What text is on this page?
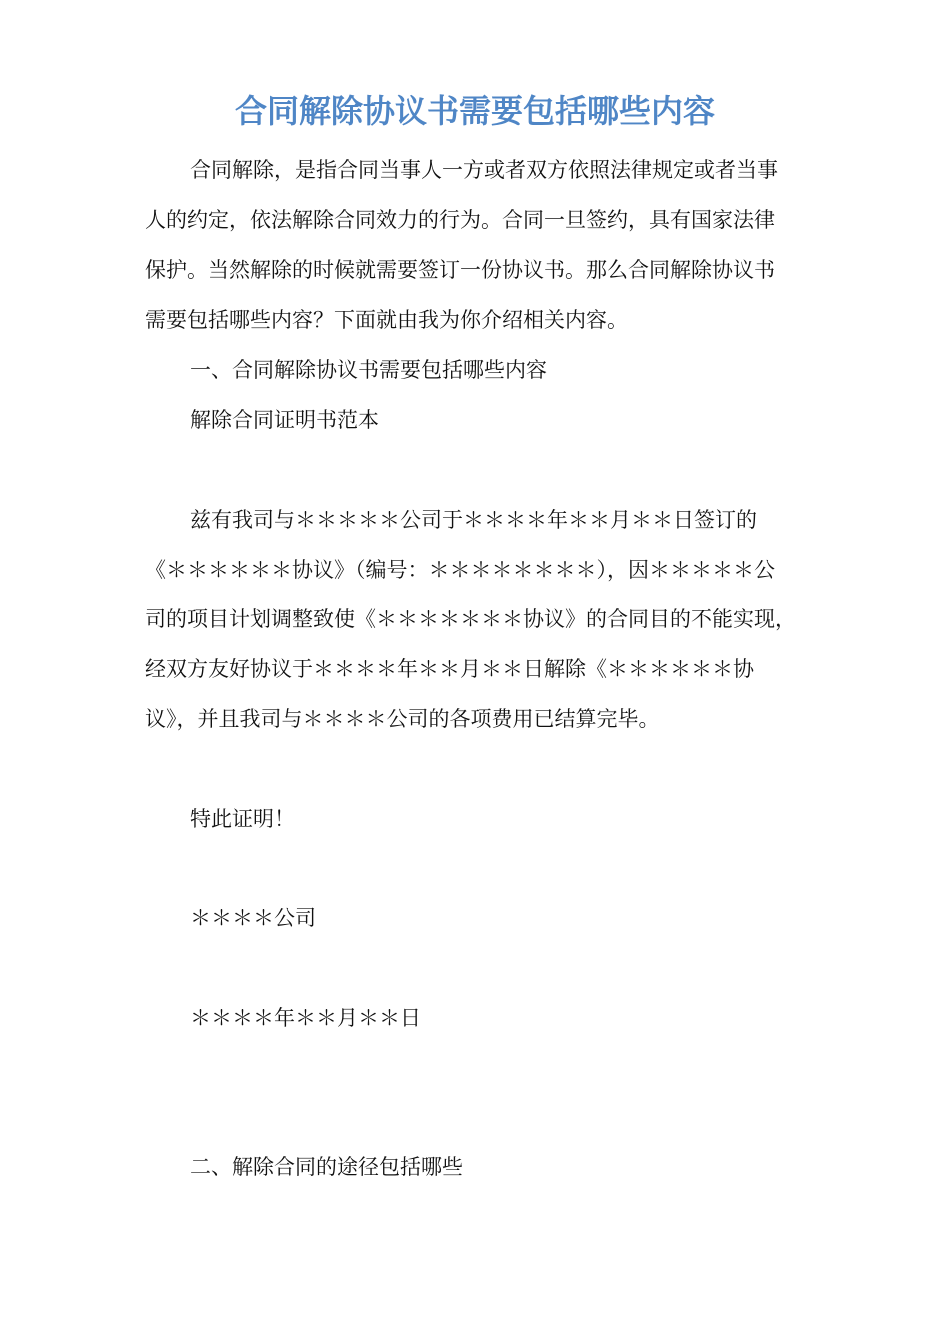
合同解除协议书需要包括哪些内容
合同解除，是指合同当事人一方或者双方依照法律规定或者当事
人的约定，依法解除合同效力的行为。合同一旦签约，具有国家法律
保护。当然解除的时候就需要签订一份协议书。那么合同解除协议书
需要包括哪些内容？下面就由我为你介绍相关内容。
一、合同解除协议书需要包括哪些内容
解除合同证明书范本
兹有我司与＊＊＊＊＊公司于＊＊＊＊年＊＊月＊＊日签订的
《＊＊＊＊＊＊协议》（编号：＊＊＊＊＊＊＊＊），因＊＊＊＊＊公
司的项目计划调整致使《＊＊＊＊＊＊＊协议》的合同目的不能实现，
经双方友好协议于＊＊＊＊年＊＊月＊＊日解除《＊＊＊＊＊＊协
议》，并且我司与＊＊＊＊公司的各项费用已结算完毕。
特此证明！
＊＊＊＊公司
＊＊＊＊年＊＊月＊＊日
二、解除合同的途径包括哪些
